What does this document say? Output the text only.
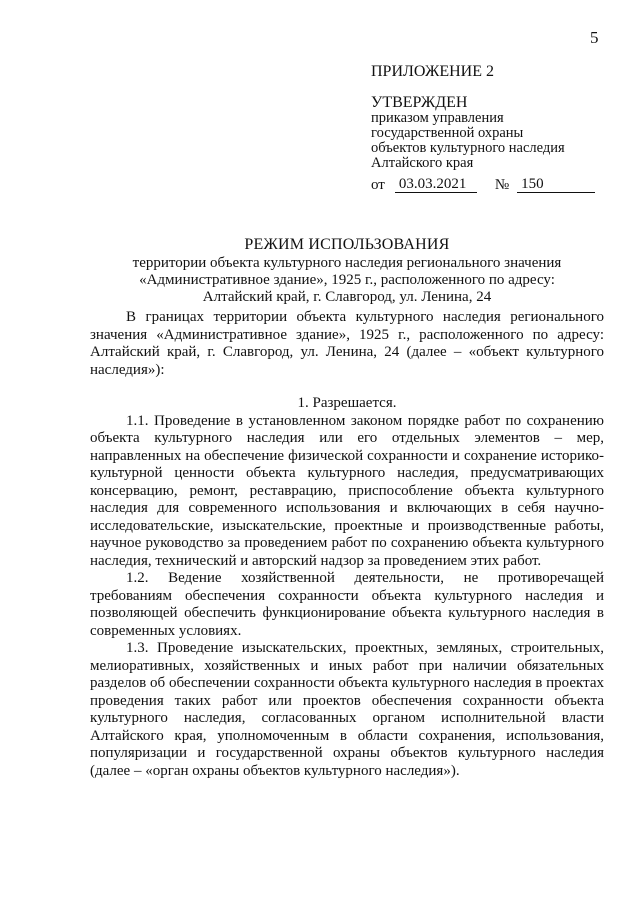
5
ПРИЛОЖЕНИЕ 2
УТВЕРЖДЕН
приказом управления
государственной охраны
объектов культурного наследия
Алтайского края
от 03.03.2021	№ 150
РЕЖИМ ИСПОЛЬЗОВАНИЯ
территории объекта культурного наследия регионального значения
«Административное здание», 1925 г., расположенного по адресу:
Алтайский край, г. Славгород, ул. Ленина, 24

В границах территории объекта культурного наследия регионального значения «Административное здание», 1925 г., расположенного по адресу: Алтайский край, г. Славгород, ул. Ленина, 24 (далее – «объект культурного наследия»):

1. Разрешается.

1.1. Проведение в установленном законом порядке работ по сохранению объекта культурного наследия или его отдельных элементов – мер, направленных на обеспечение физической сохранности и сохранение историко-культурной ценности объекта культурного наследия, предусматривающих консервацию, ремонт, реставрацию, приспособление объекта культурного наследия для современного использования и включающих в себя научно-исследовательские, изыскательские, проектные и производственные работы, научное руководство за проведением работ по сохранению объекта культурного наследия, технический и авторский надзор за проведением этих работ.

1.2. Ведение хозяйственной деятельности, не противоречащей требованиям обеспечения сохранности объекта культурного наследия и позволяющей обеспечить функционирование объекта культурного наследия в современных условиях.

1.3. Проведение изыскательских, проектных, земляных, строительных, мелиоративных, хозяйственных и иных работ при наличии обязательных разделов об обеспечении сохранности объекта культурного наследия в проектах проведения таких работ или проектов обеспечения сохранности объекта культурного наследия, согласованных органом исполнительной власти Алтайского края, уполномоченным в области сохранения, использования, популяризации и государственной охраны объектов культурного наследия (далее – «орган охраны объектов культурного наследия»).
